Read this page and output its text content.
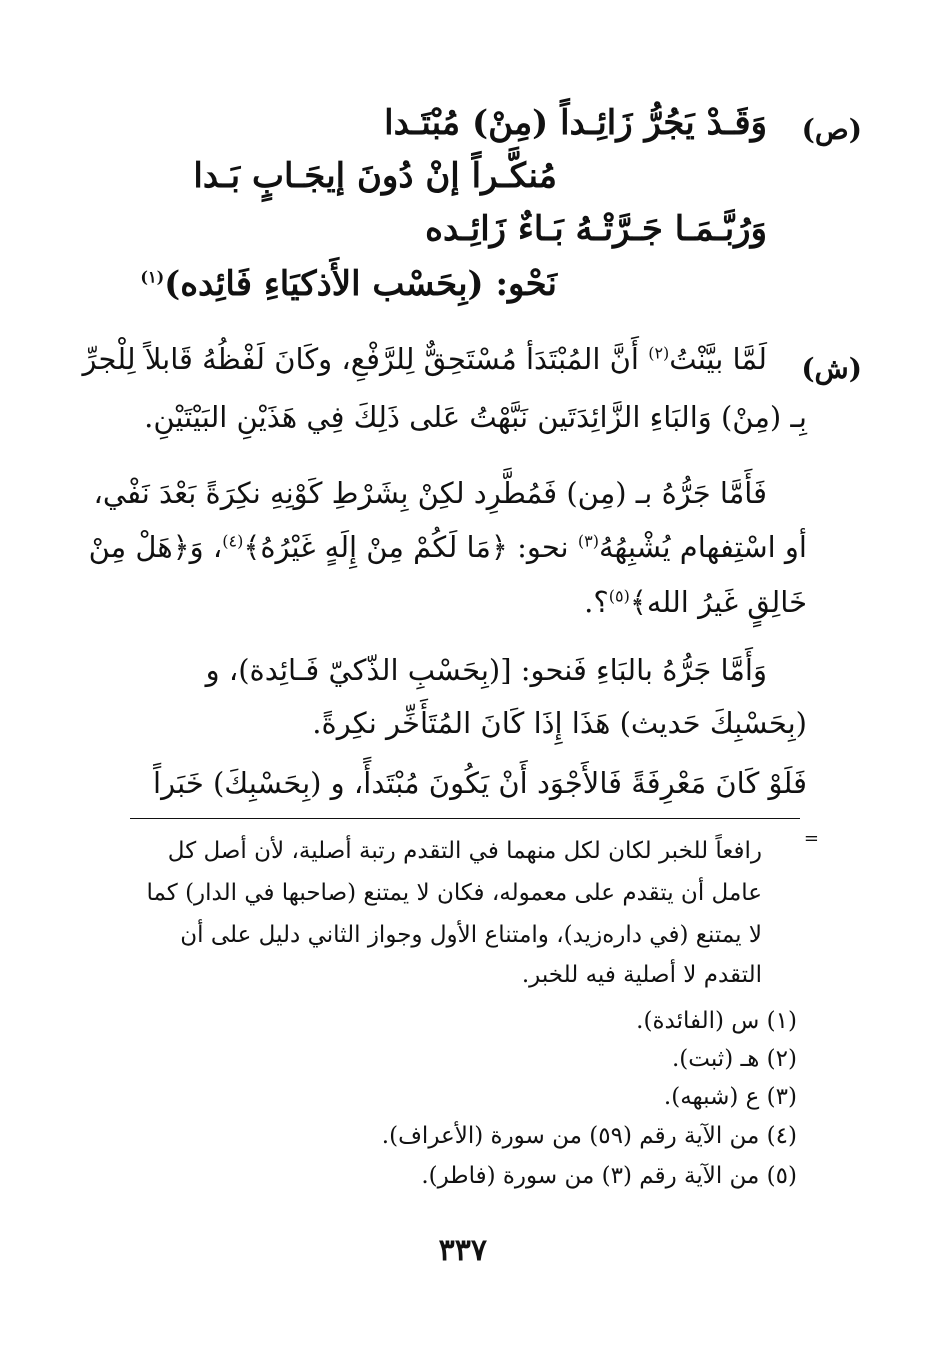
(ص)
وَقَـدْ يَجُرُّ زَائِـداً (مِنْ) مُبْتَـدا
مُنكَّـراً إنْ دُونَ إيجَـابٍ بَـدا
وَرُبَّـمَـا جَـرَّتْـهُ بَـاءٌ زَائِـده
نَحْو: (بِحَسْب الأَذكيَاءِ فَائِده)$^{(١)}$
(ش)
لَمَّا بيَّنْتُ$^{(٢)}$ أَنَّ المُبْتَدَأ مُسْتَحِقٌّ لِلرَّفْعِ، وكَانَ لَفْظُهُ قَابلاً لِلْجرِّ
بِـ (مِنْ) وَالبَاءِ الزَّائِدَتَين نَبَّهْتُ عَلى ذَلِكَ فِي هَذَيْنِ البَيْتَيْنِ.
فَأَمَّا جَرُّهُ بـ (مِن) فَمُطَّرِد لكِنْ بِشَرْطِ كَوْنِهِ نكِرَةً بَعْدَ نَفْي،
أو اسْتِفهام يُشْبِهُهُ$^{(٣)}$ نحو: ﴿مَا لَكُمْ مِنْ إِلَهٍ غَيْرُهُ﴾$^{(٤)}$، وَ﴿هَلْ مِنْ
خَالِقٍ غَيرُ الله﴾$^{(٥)}$؟.
وَأَمَّا جَرُّهُ بالبَاءِ فَنحو: [(بِحَسْبِ الذّكيّ فَـائِدة)، و
(بِحَسْبِكَ حَديث) هَذَا إِذَا كَانَ المُتَأَخِّر نكِرةً.
فَلَوْ كَانَ مَعْرِفَةً فَالأَجْوَد أَنْ يَكُونَ مُبْتَدأً، و (بِحَسْبِكَ) خَبَراً
=
رافعاً للخبر لكان لكل منهما في التقدم رتبة أصلية، لأن أصل كل
عامل أن يتقدم على معموله، فكان لا يمتنع (صاحبها في الدار) كما
لا يمتنع (في داره‌زيد)، وامتناع الأول وجواز الثاني دليل على أن
التقدم لا أصلية فيه للخبر.
(١) س (الفائدة).
(٢) هـ (ثبت).
(٣) ع (شبهه).
(٤) من الآية رقم (٥٩) من سورة (الأعراف).
(٥) من الآية رقم (٣) من سورة (فاطر).
٣٣٧
